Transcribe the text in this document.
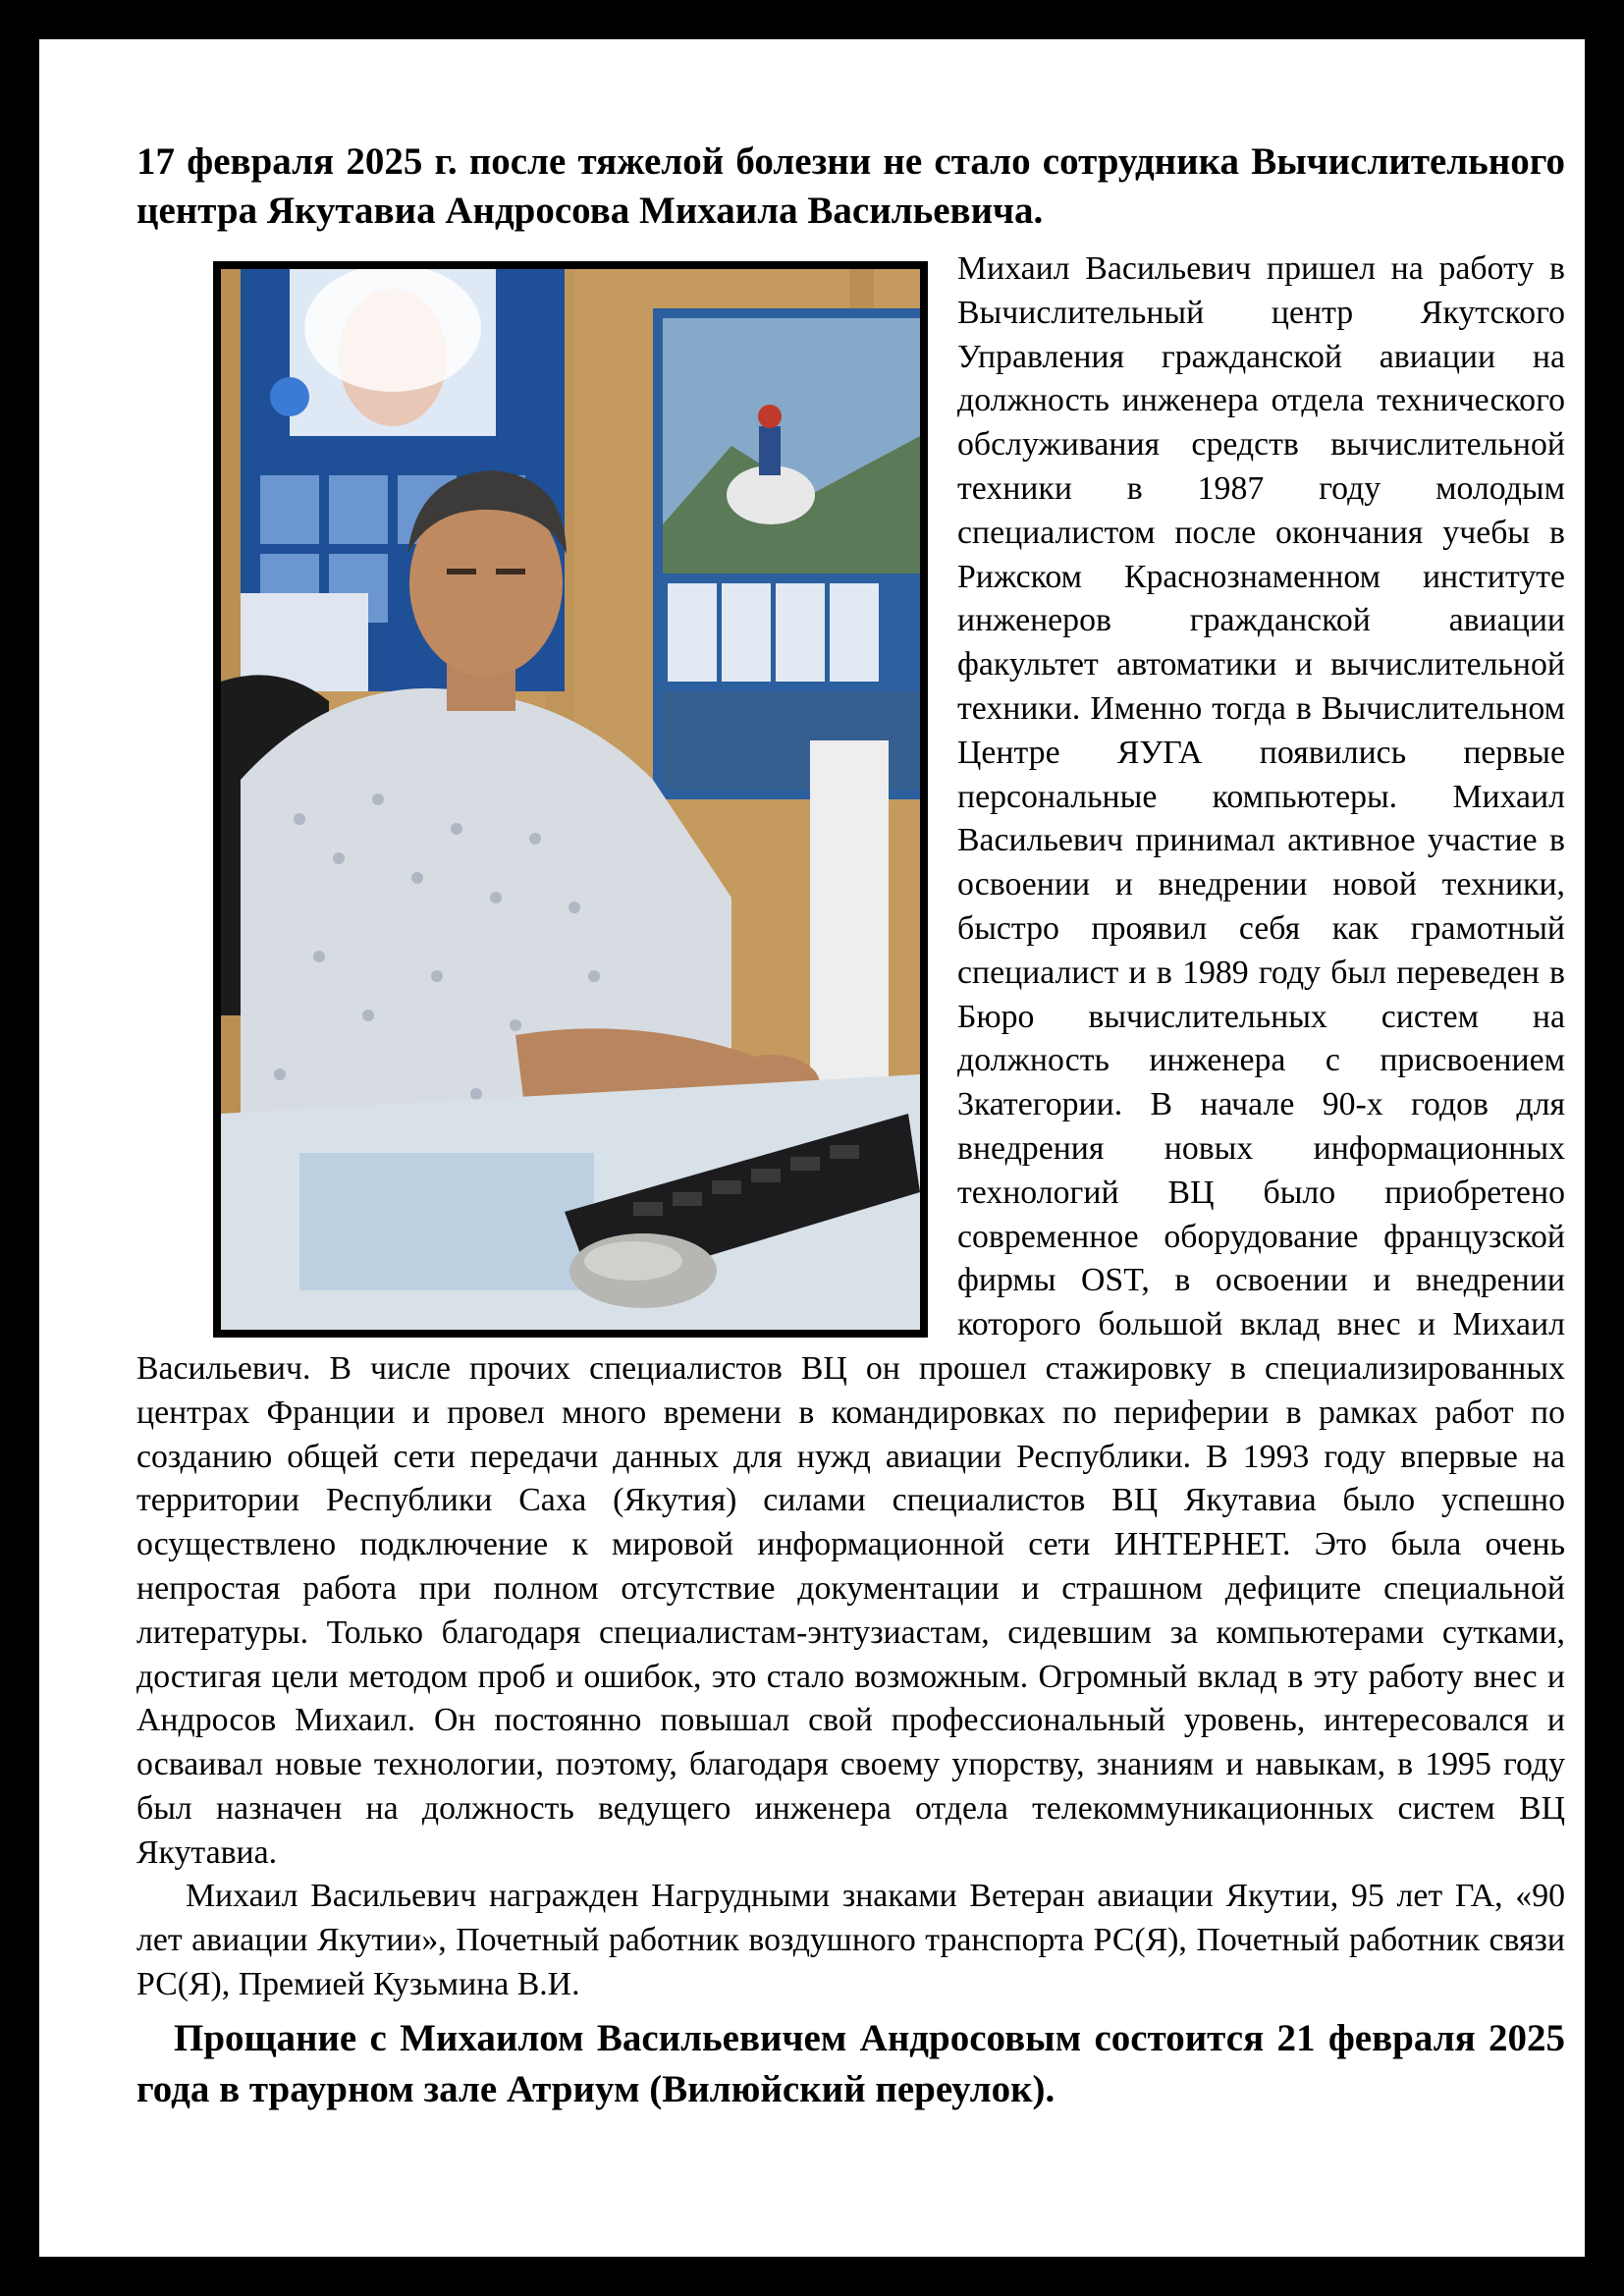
17 февраля 2025 г. после тяжелой болезни не стало сотрудника Вычислительного центра Якутавиа Андросова Михаила Васильевича.

Михаил Васильевич пришел на работу в Вычислительный центр Якутского Управления гражданской авиации на должность инженера отдела технического обслуживания средств вычислительной техники в 1987 году молодым специалистом после окончания учебы в Рижском Краснознаменном институте инженеров гражданской авиации факультет автоматики и вычислительной техники. Именно тогда в Вычислительном Центре ЯУГА появились первые персональные компьютеры. Михаил Васильевич принимал активное участие в освоении и внедрении новой техники, быстро проявил себя как грамотный специалист и в 1989 году был переведен в Бюро вычислительных систем на должность инженера с присвоением 3категории. В начале 90-х годов для внедрения новых информационных технологий ВЦ было приобретено современное оборудование французской фирмы OST, в освоении и внедрении которого большой вклад внес и Михаил Васильевич. В числе прочих специалистов ВЦ он прошел стажировку в специализированных центрах Франции и провел много времени в командировках по периферии в рамках работ по созданию общей сети передачи данных для нужд авиации Республики. В 1993 году впервые на территории Республики Саха (Якутия) силами специалистов ВЦ Якутавиа было успешно осуществлено подключение к мировой информационной сети ИНТЕРНЕТ. Это была очень непростая работа при полном отсутствие документации и страшном дефиците специальной литературы. Только благодаря специалистам-энтузиастам, сидевшим за компьютерами сутками, достигая цели методом проб и ошибок, это стало возможным. Огромный вклад в эту работу внес и Андросов Михаил. Он постоянно повышал свой профессиональный уровень, интересовался и осваивал новые технологии, поэтому, благодаря своему упорству, знаниям и навыкам, в 1995 году был назначен на должность ведущего инженера отдела телекоммуникационных систем ВЦ Якутавиа.

Михаил Васильевич награжден Нагрудными знаками Ветеран авиации Якутии, 95 лет ГА, «90 лет авиации Якутии», Почетный работник воздушного транспорта РС(Я), Почетный работник связи РС(Я), Премией Кузьмина В.И.

Прощание с Михаилом Васильевичем Андросовым состоится 21 февраля 2025 года в траурном зале Атриум (Вилюйский переулок).
